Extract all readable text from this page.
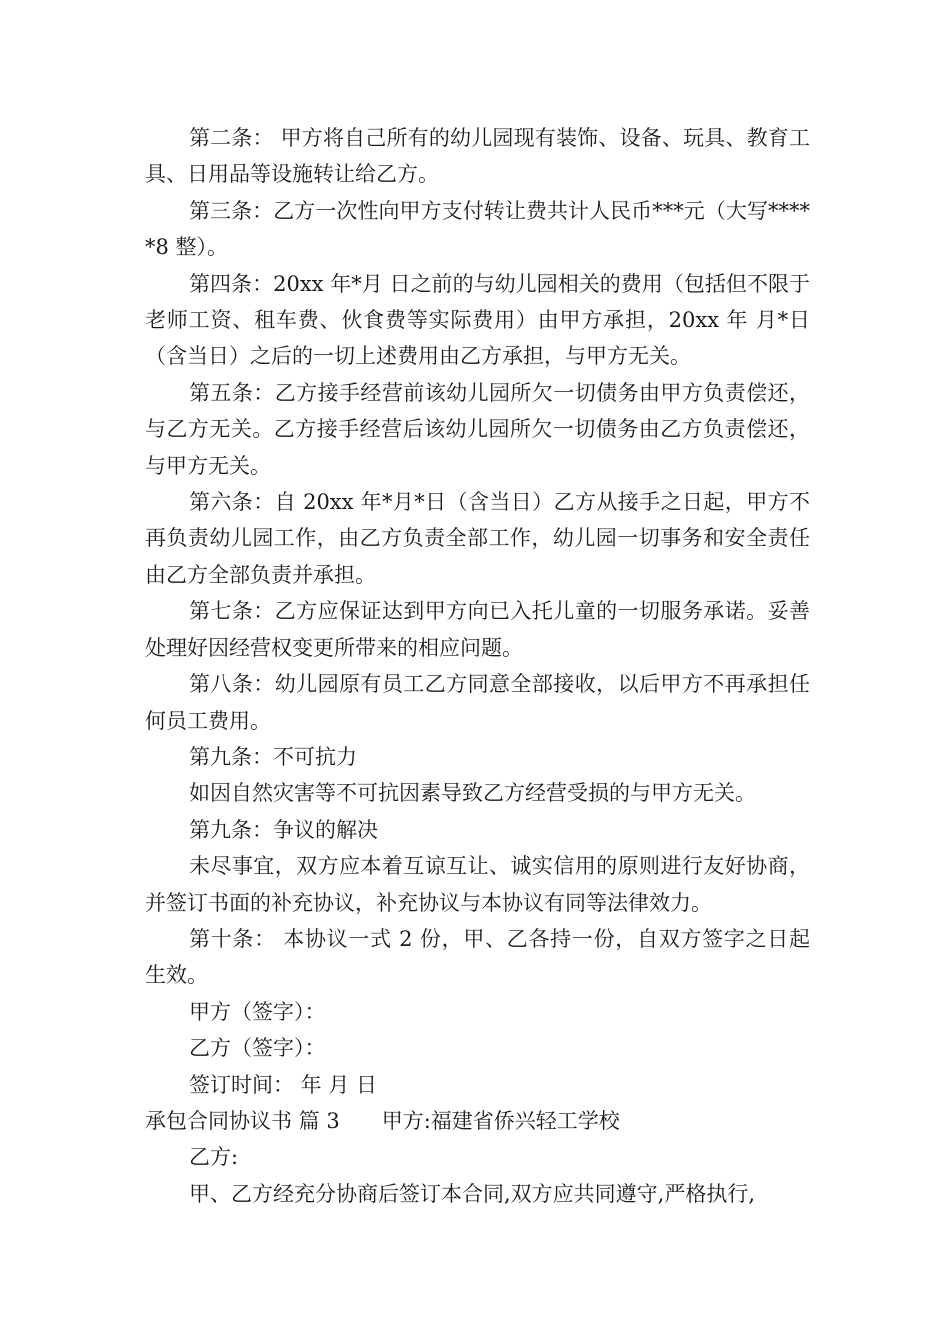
第二条： 甲方将自己所有的幼儿园现有装饰、设备、玩具、教育工具、日用品等设施转让给乙方。

第三条：乙方一次性向甲方支付转让费共计人民币***元（大写*****8 整）。

第四条：20xx 年*月 日之前的与幼儿园相关的费用（包括但不限于老师工资、租车费、伙食费等实际费用）由甲方承担，20xx 年 月*日（含当日）之后的一切上述费用由乙方承担，与甲方无关。

第五条：乙方接手经营前该幼儿园所欠一切债务由甲方负责偿还，与乙方无关。乙方接手经营后该幼儿园所欠一切债务由乙方负责偿还，与甲方无关。

第六条：自 20xx 年*月*日（含当日）乙方从接手之日起，甲方不再负责幼儿园工作，由乙方负责全部工作，幼儿园一切事务和安全责任由乙方全部负责并承担。

第七条：乙方应保证达到甲方向已入托儿童的一切服务承诺。妥善处理好因经营权变更所带来的相应问题。

第八条：幼儿园原有员工乙方同意全部接收，以后甲方不再承担任何员工费用。

第九条：不可抗力

如因自然灾害等不可抗因素导致乙方经营受损的与甲方无关。

第九条：争议的解决

未尽事宜，双方应本着互谅互让、诚实信用的原则进行友好协商，并签订书面的补充协议，补充协议与本协议有同等法律效力。

第十条： 本协议一式 2 份，甲、乙各持一份，自双方签字之日起生效。

甲方（签字）：

乙方（签字）：

签订时间： 年 月 日

承包合同协议书 篇 3 甲方:福建省侨兴轻工学校

乙方:

甲、乙方经充分协商后签订本合同,双方应共同遵守,严格执行,
